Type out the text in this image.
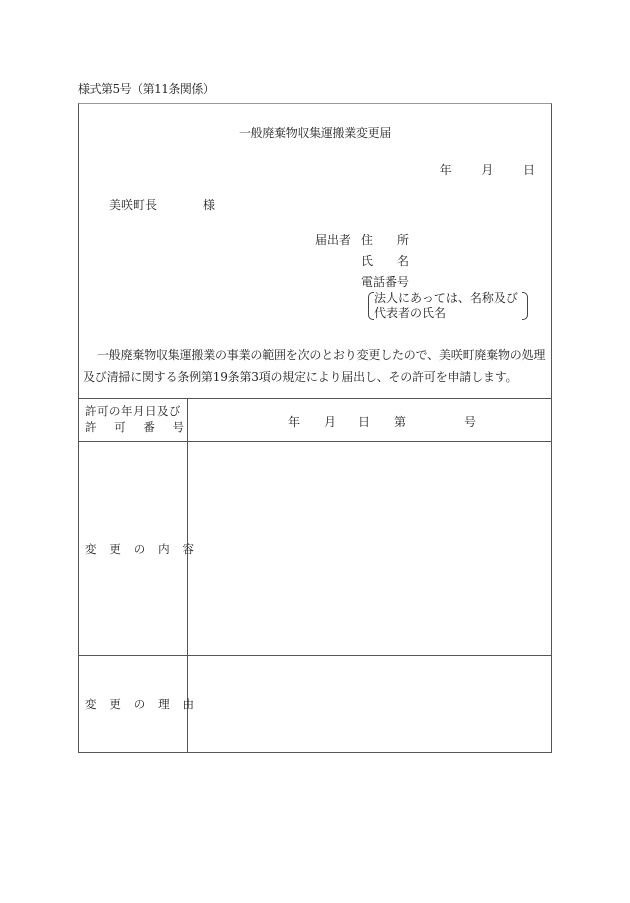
様式第5号（第11条関係）
一般廃棄物収集運搬業変更届
年 月 日
美咲町長	様
届出者 住 所
氏 名
電話番号
法人にあっては、名称及び
代表者の氏名
一般廃棄物収集運搬業の事業の範囲を次のとおり変更したので、美咲町廃棄物の処理及び清掃に関する条例第19条第3項の規定により届出し、その許可を申請します。
許可の年月日及び
許 可 番 号	年 月 日 第	号
変 更 の 内 容
変 更 の 理 由
